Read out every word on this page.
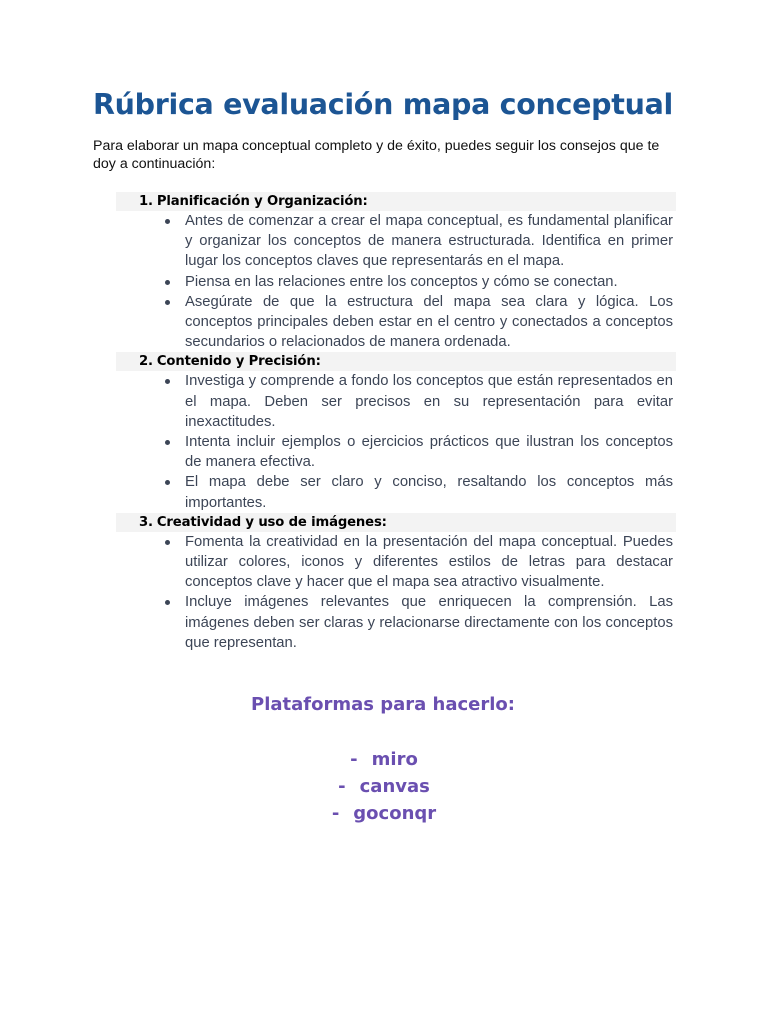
Rúbrica evaluación mapa conceptual

Para elaborar un mapa conceptual completo y de éxito, puedes seguir los consejos que te doy a continuación:

1. Planificación y Organización:
Antes de comenzar a crear el mapa conceptual, es fundamental planificar y organizar los conceptos de manera estructurada. Identifica en primer lugar los conceptos claves que representarás en el mapa.
Piensa en las relaciones entre los conceptos y cómo se conectan.
Asegúrate de que la estructura del mapa sea clara y lógica. Los conceptos principales deben estar en el centro y conectados a conceptos secundarios o relacionados de manera ordenada.
2. Contenido y Precisión:
Investiga y comprende a fondo los conceptos que están representados en el mapa. Deben ser precisos en su representación para evitar inexactitudes.
Intenta incluir ejemplos o ejercicios prácticos que ilustran los conceptos de manera efectiva.
El mapa debe ser claro y conciso, resaltando los conceptos más importantes.
3. Creatividad y uso de imágenes:
Fomenta la creatividad en la presentación del mapa conceptual. Puedes utilizar colores, iconos y diferentes estilos de letras para destacar conceptos clave y hacer que el mapa sea atractivo visualmente.
Incluye imágenes relevantes que enriquecen la comprensión. Las imágenes deben ser claras y relacionarse directamente con los conceptos que representan.
Plataformas para hacerlo:
- miro
- canvas
- goconqr
